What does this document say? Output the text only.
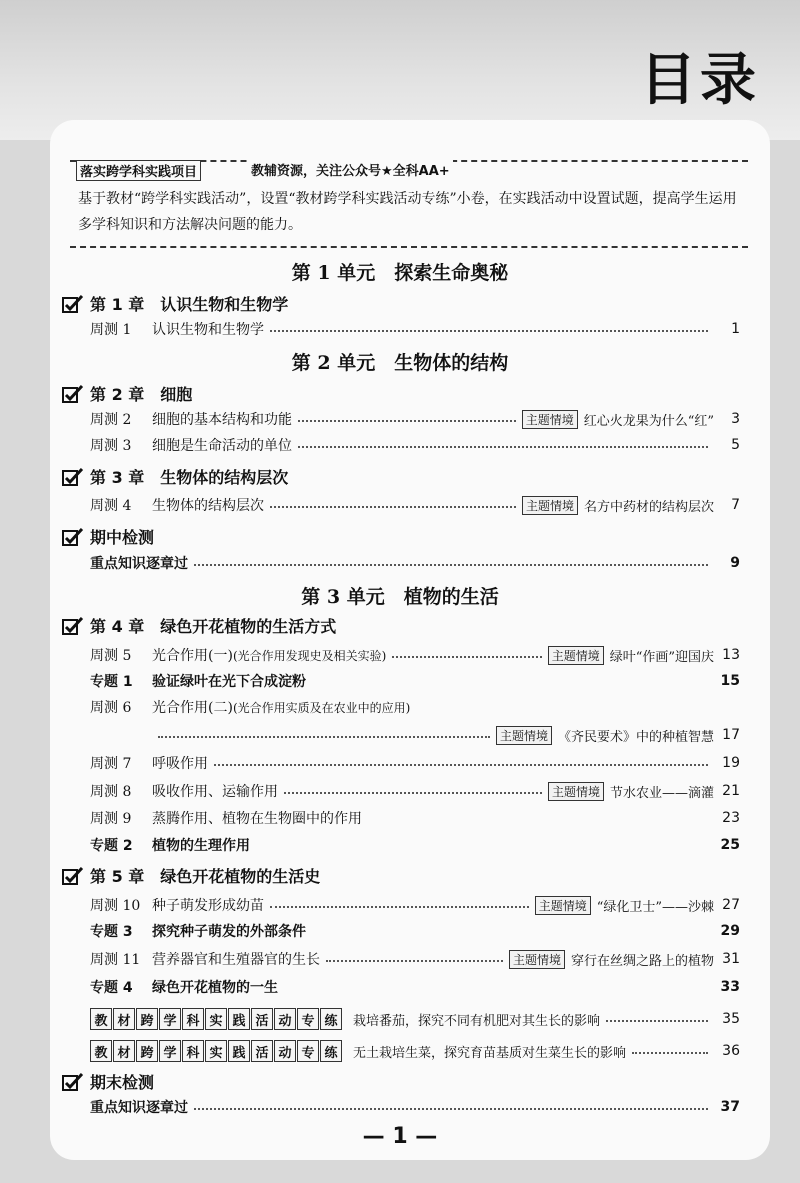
目录
落实跨学科实践项目	教辅资源，关注公众号★全科AA+
基于教材“跨学科实践活动”，设置“教材跨学科实践活动专练”小卷，在实践活动中设置试题，提高学生运用多学科知识和方法解决问题的能力。
第 1 单元　探索生命奥秘
第 1 章　认识生物和生物学
周测 1	认识生物和生物学	1
第 2 单元　生物体的结构
第 2 章　细胞
周测 2	细胞的基本结构和功能	主题情境 红心火龙果为什么“红”	3
周测 3	细胞是生命活动的单位	5
第 3 章　生物体的结构层次
周测 4	生物体的结构层次	主题情境 名方中药材的结构层次	7
期中检测
重点知识逐章过	9
第 3 单元　植物的生活
第 4 章　绿色开花植物的生活方式
周测 5	光合作用(一) (光合作用发现史及相关实验)	主题情境 绿叶“作画”迎国庆 13
专题 1	验证绿叶在光下合成淀粉	15
周测 6	光合作用(二) (光合作用实质及在农业中的应用)
主题情境 《齐民要术》中的种植智慧 17
周测 7	呼吸作用	19
周测 8	吸收作用、运输作用	主题情境 节水农业——滴灌 21
周测 9	蒸腾作用、植物在生物圈中的作用	23
专题 2	植物的生理作用	25
第 5 章　绿色开花植物的生活史
周测 10 种子萌发形成幼苗	主题情境 “绿化卫士”——沙棘 27
专题 3	探究种子萌发的外部条件	29
周测 11 营养器官和生殖器官的生长	主题情境 穿行在丝绸之路上的植物 31
专题 4	绿色开花植物的一生	33
教 材 跨 学 科 实 践 活 动 专 练	栽培番茄，探究不同有机肥对其生长的影响	35
教 材 跨 学 科 实 践 活 动 专 练	无土栽培生菜，探究育苗基质对生菜生长的影响	36
期末检测
重点知识逐章过	37
— 1 —
